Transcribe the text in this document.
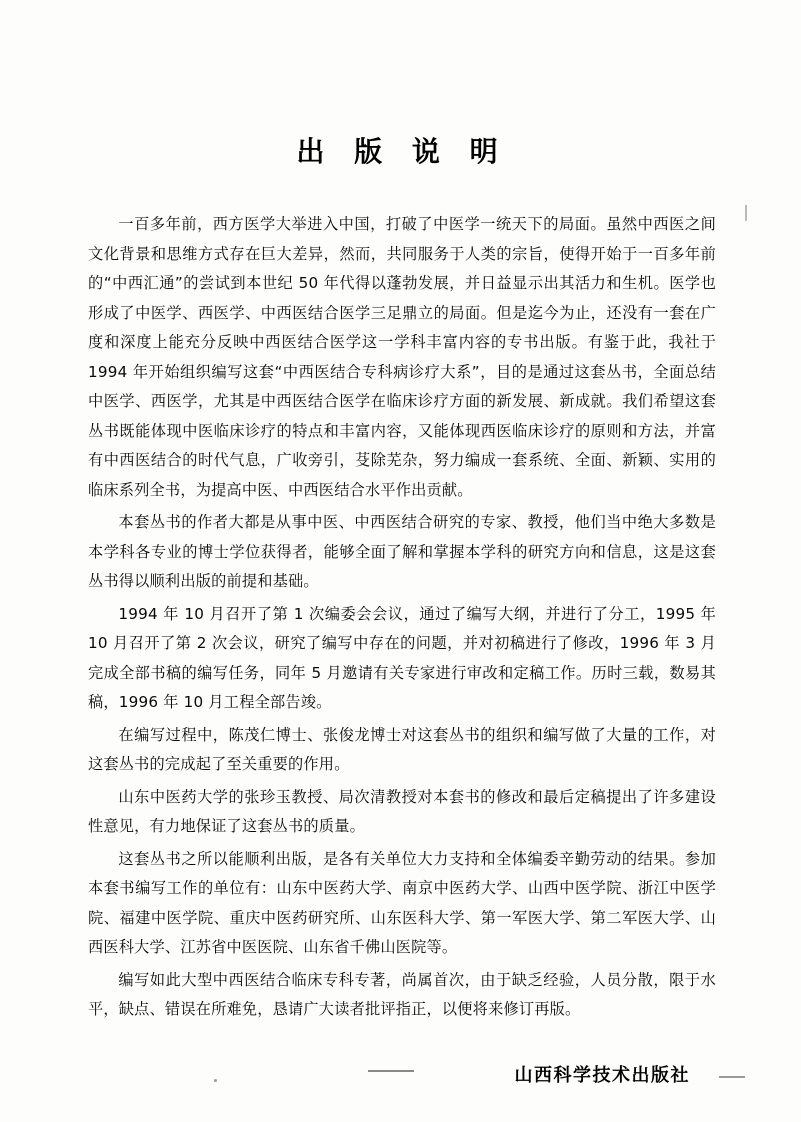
出 版 说 明

一百多年前，西方医学大举进入中国，打破了中医学一统天下的局面。虽然中西医之间文化背景和思维方式存在巨大差异，然而，共同服务于人类的宗旨，使得开始于一百多年前的“中西汇通”的尝试到本世纪 50 年代得以蓬勃发展，并日益显示出其活力和生机。医学也形成了中医学、西医学、中西医结合医学三足鼎立的局面。但是迄今为止，还没有一套在广度和深度上能充分反映中西医结合医学这一学科丰富内容的专书出版。有鉴于此，我社于 1994 年开始组织编写这套“中西医结合专科病诊疗大系”，目的是通过这套丛书，全面总结中医学、西医学，尤其是中西医结合医学在临床诊疗方面的新发展、新成就。我们希望这套丛书既能体现中医临床诊疗的特点和丰富内容，又能体现西医临床诊疗的原则和方法，并富有中西医结合的时代气息，广收旁引，芟除芜杂，努力编成一套系统、全面、新颖、实用的临床系列全书，为提高中医、中西医结合水平作出贡献。

本套丛书的作者大都是从事中医、中西医结合研究的专家、教授，他们当中绝大多数是本学科各专业的博士学位获得者，能够全面了解和掌握本学科的研究方向和信息，这是这套丛书得以顺利出版的前提和基础。

1994 年 10 月召开了第 1 次编委会会议，通过了编写大纲，并进行了分工，1995 年 10 月召开了第 2 次会议，研究了编写中存在的问题，并对初稿进行了修改，1996 年 3 月完成全部书稿的编写任务，同年 5 月邀请有关专家进行审改和定稿工作。历时三载，数易其稿，1996 年 10 月工程全部告竣。

在编写过程中，陈茂仁博士、张俊龙博士对这套丛书的组织和编写做了大量的工作，对这套丛书的完成起了至关重要的作用。

山东中医药大学的张珍玉教授、局次清教授对本套书的修改和最后定稿提出了许多建设性意见，有力地保证了这套丛书的质量。

这套丛书之所以能顺利出版，是各有关单位大力支持和全体编委辛勤劳动的结果。参加本套书编写工作的单位有：山东中医药大学、南京中医药大学、山西中医学院、浙江中医学院、福建中医学院、重庆中医药研究所、山东医科大学、第一军医大学、第二军医大学、山西医科大学、江苏省中医医院、山东省千佛山医院等。

编写如此大型中西医结合临床专科专著，尚属首次，由于缺乏经验，人员分散，限于水平，缺点、错误在所难免，恳请广大读者批评指正，以便将来修订再版。

山西科学技术出版社
